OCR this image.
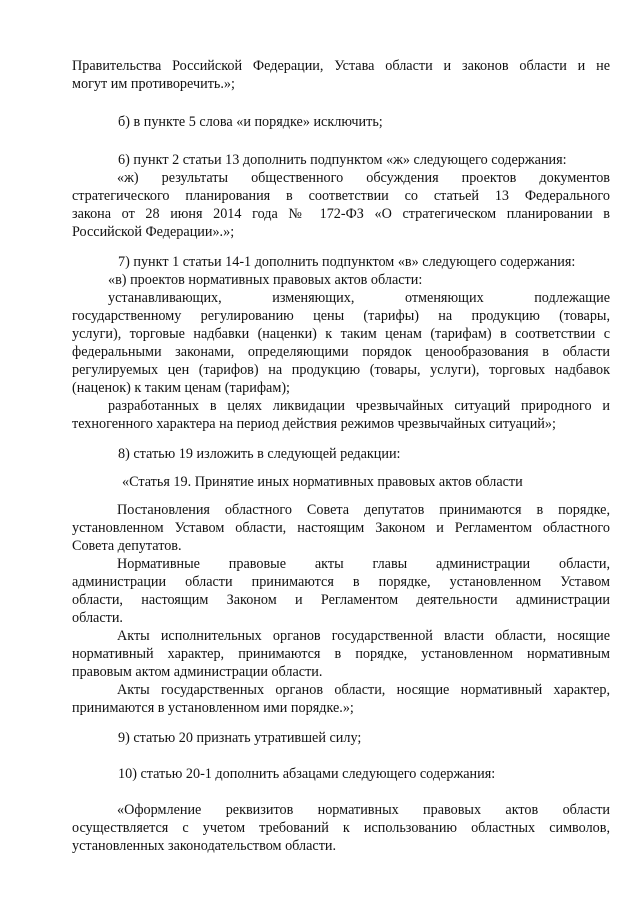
Правительства Российской Федерации, Устава области и законов области и не
могут им противоречить.»;
б) в пункте 5 слова «и порядке» исключить;
6) пункт 2 статьи 13 дополнить подпунктом «ж» следующего содержания:
«ж) результаты общественного обсуждения проектов документов
стратегического планирования в соответствии со статьей 13 Федерального
закона от 28 июня 2014 года № 172-ФЗ «О стратегическом планировании в
Российской Федерации».»;
7) пункт 1 статьи 14-1 дополнить подпунктом «в» следующего содержания:
«в) проектов нормативных правовых актов области:
устанавливающих, изменяющих, отменяющих подлежащие
государственному регулированию цены (тарифы) на продукцию (товары,
услуги), торговые надбавки (наценки) к таким ценам (тарифам) в соответствии с
федеральными законами, определяющими порядок ценообразования в области
регулируемых цен (тарифов) на продукцию (товары, услуги), торговых надбавок
(наценок) к таким ценам (тарифам);
разработанных в целях ликвидации чрезвычайных ситуаций природного и
техногенного характера на период действия режимов чрезвычайных ситуаций»;
8) статью 19 изложить в следующей редакции:
«Статья 19. Принятие иных нормативных правовых актов области
Постановления областного Совета депутатов принимаются в порядке,
установленном Уставом области, настоящим Законом и Регламентом областного
Совета депутатов.
Нормативные правовые акты главы администрации области,
администрации области принимаются в порядке, установленном Уставом
области, настоящим Законом и Регламентом деятельности администрации
области.
Акты исполнительных органов государственной власти области, носящие
нормативный характер, принимаются в порядке, установленном нормативным
правовым актом администрации области.
Акты государственных органов области, носящие нормативный характер,
принимаются в установленном ими порядке.»;
9) статью 20 признать утратившей силу;
10) статью 20-1 дополнить абзацами следующего содержания:
«Оформление реквизитов нормативных правовых актов области
осуществляется с учетом требований к использованию областных символов,
установленных законодательством области.
